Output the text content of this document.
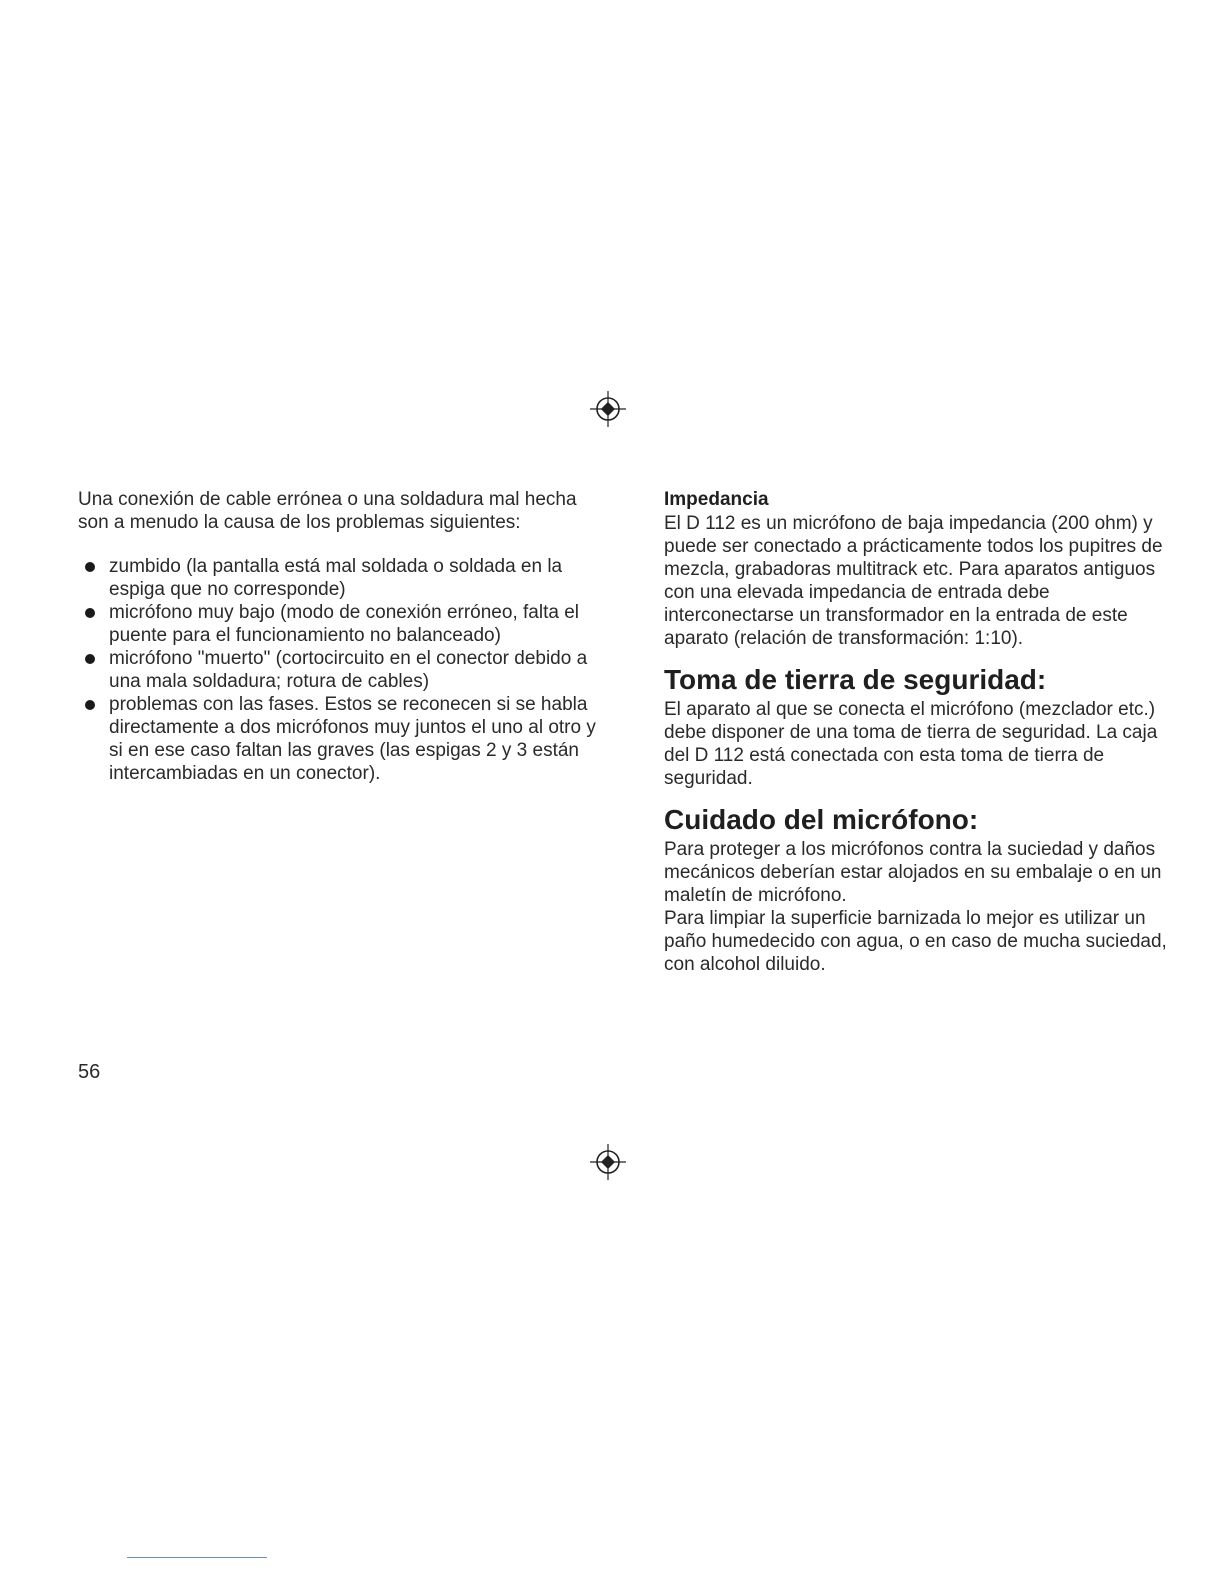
Una conexión de cable errónea o una soldadura mal hecha son a menudo la causa de los problemas siguientes:

zumbido (la pantalla está mal soldada o soldada en la espiga que no corresponde)
micrófono muy bajo (modo de conexión erróneo, falta el puente para el funcionamiento no balanceado)
micrófono "muerto" (cortocircuito en el conector debido a una mala soldadura; rotura de cables)
problemas con las fases. Estos se reconecen si se habla directamente a dos micrófonos muy juntos el uno al otro y si en ese caso faltan las graves (las espigas 2 y 3 están intercambiadas en un conector).
Impedancia

El D 112 es un micrófono de baja impedancia (200 ohm) y puede ser conectado a prácticamente todos los pupitres de mezcla, grabadoras multitrack etc. Para aparatos antiguos con una elevada impedancia de entrada debe interconectarse un transformador en la entrada de este aparato (relación de transformación: 1:10).

Toma de tierra de seguridad:

El aparato al que se conecta el micrófono (mezclador etc.) debe disponer de una toma de tierra de seguridad. La caja del D 112 está conectada con esta toma de tierra de seguridad.

Cuidado del micrófono:

Para proteger a los micrófonos contra la suciedad y daños mecánicos deberían estar alojados en su embalaje o en un maletín de micrófono.

Para limpiar la superficie barnizada lo mejor es utilizar un paño humedecido con agua, o en caso de mucha suciedad, con alcohol diluido.

56
